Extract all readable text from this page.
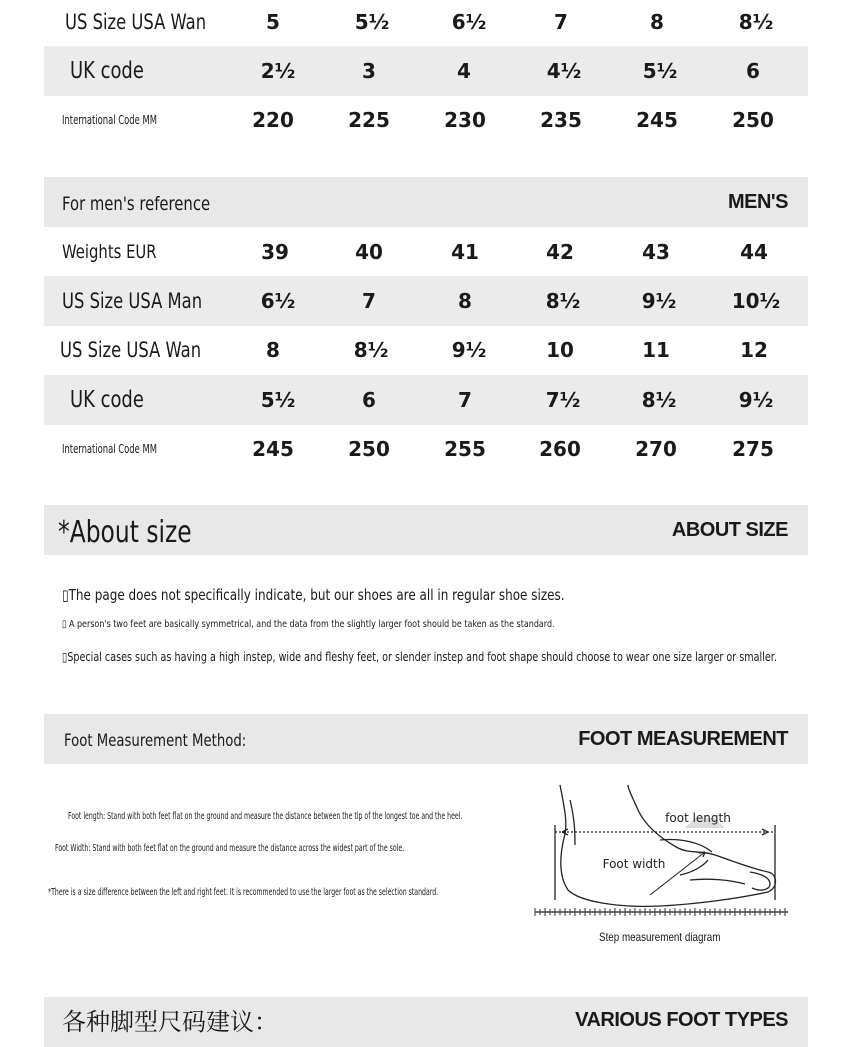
US Size USA Wan	5	5½	6½	7	8	8½
UK code	2½	3	4	4½	5½	6
International Code MM	220	225	230	235	245	250
For men's reference	MEN'S
Weights EUR	39	40	41	42	43	44
US Size USA Man	6½	7	8	8½	9½	10½
US Size USA Wan	8	8½	9½	10	11	12
UK code	5½	6	7	7½	8½	9½
International Code MM	245	250	255	260	270	275
*About size	ABOUT SIZE
▯The page does not specifically indicate, but our shoes are all in regular shoe sizes.
▯ A person's two feet are basically symmetrical, and the data from the slightly larger foot should be taken as the standard.
▯Special cases such as having a high instep, wide and fleshy feet, or slender instep and foot shape should choose to wear one size larger or smaller.
Foot Measurement Method:	FOOT MEASUREMENT
Foot length: Stand with both feet flat on the ground and measure the distance between the tip of the longest toe and the heel.
Foot Width: Stand with both feet flat on the ground and measure the distance across the widest part of the sole.
*There is a size difference between the left and right feet. It is recommended to use the larger foot as the selection standard.
foot length
Foot width
Step measurement diagram
各种脚型尺码建议：	VARIOUS FOOT TYPES
